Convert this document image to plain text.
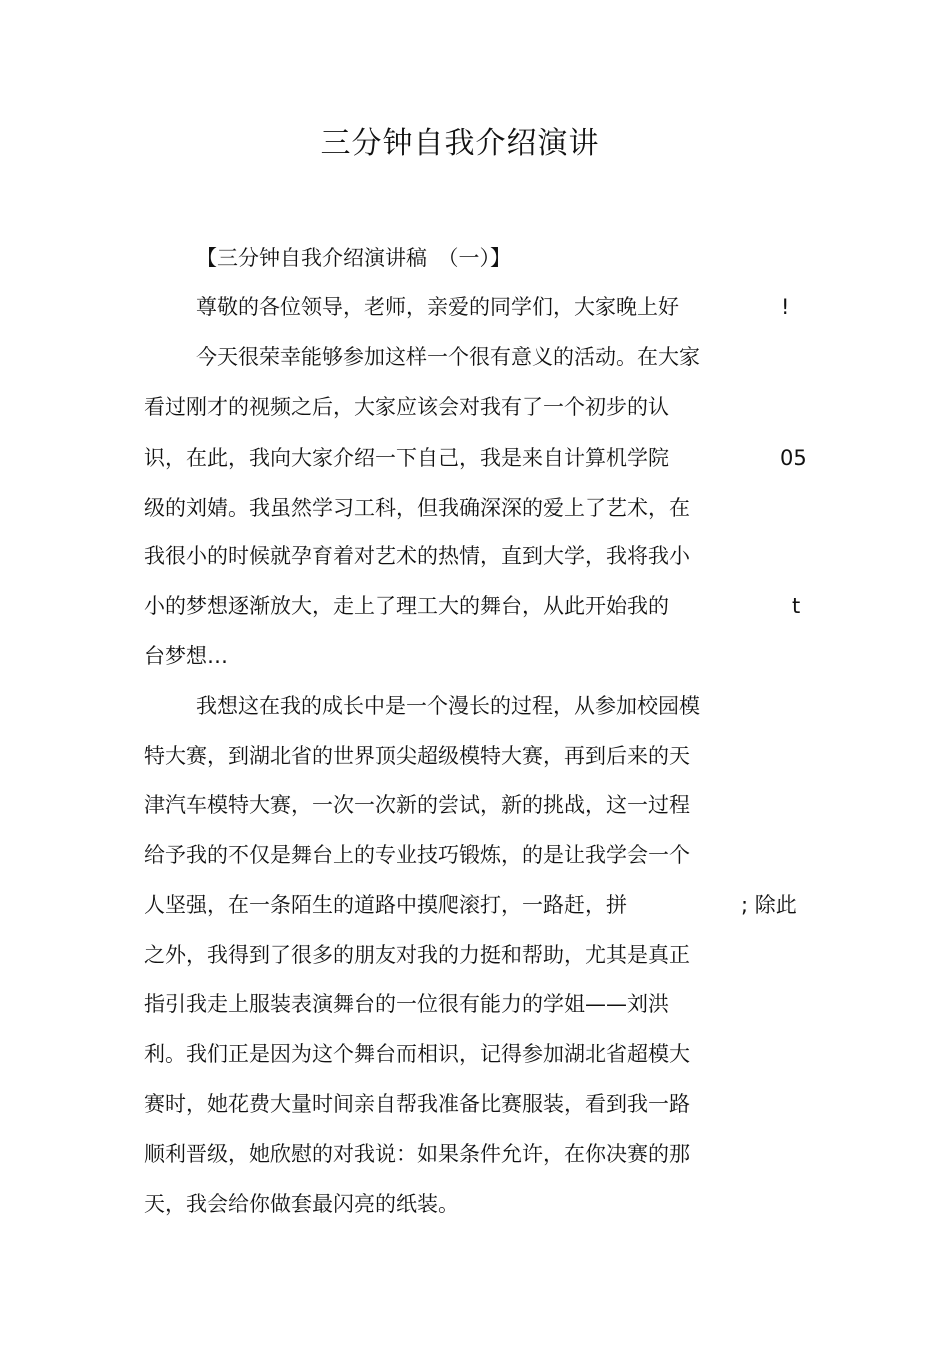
三分钟自我介绍演讲
【三分钟自我介绍演讲稿　（一）】
尊敬的各位领导，老师，亲爱的同学们，大家晚上好	!
今天很荣幸能够参加这样一个很有意义的活动。在大家
看过刚才的视频之后，大家应该会对我有了一个初步的认
识，在此，我向大家介绍一下自己，我是来自计算机学院	05
级的刘婧。我虽然学习工科，但我确深深的爱上了艺术，在
我很小的时候就孕育着对艺术的热情，直到大学，我将我小
小的梦想逐渐放大，走上了理工大的舞台，从此开始我的	t
台梦想…
我想这在我的成长中是一个漫长的过程，从参加校园模
特大赛，到湖北省的世界顶尖超级模特大赛，再到后来的天
津汽车模特大赛，一次一次新的尝试，新的挑战，这一过程
给予我的不仅是舞台上的专业技巧锻炼，的是让我学会一个
人坚强，在一条陌生的道路中摸爬滚打，一路赶，拼	; 除此
之外，我得到了很多的朋友对我的力挺和帮助，尤其是真正
指引我走上服装表演舞台的一位很有能力的学姐——刘洪
利。我们正是因为这个舞台而相识，记得参加湖北省超模大
赛时，她花费大量时间亲自帮我准备比赛服装，看到我一路
顺利晋级，她欣慰的对我说：如果条件允许，在你决赛的那
天，我会给你做套最闪亮的纸装。
